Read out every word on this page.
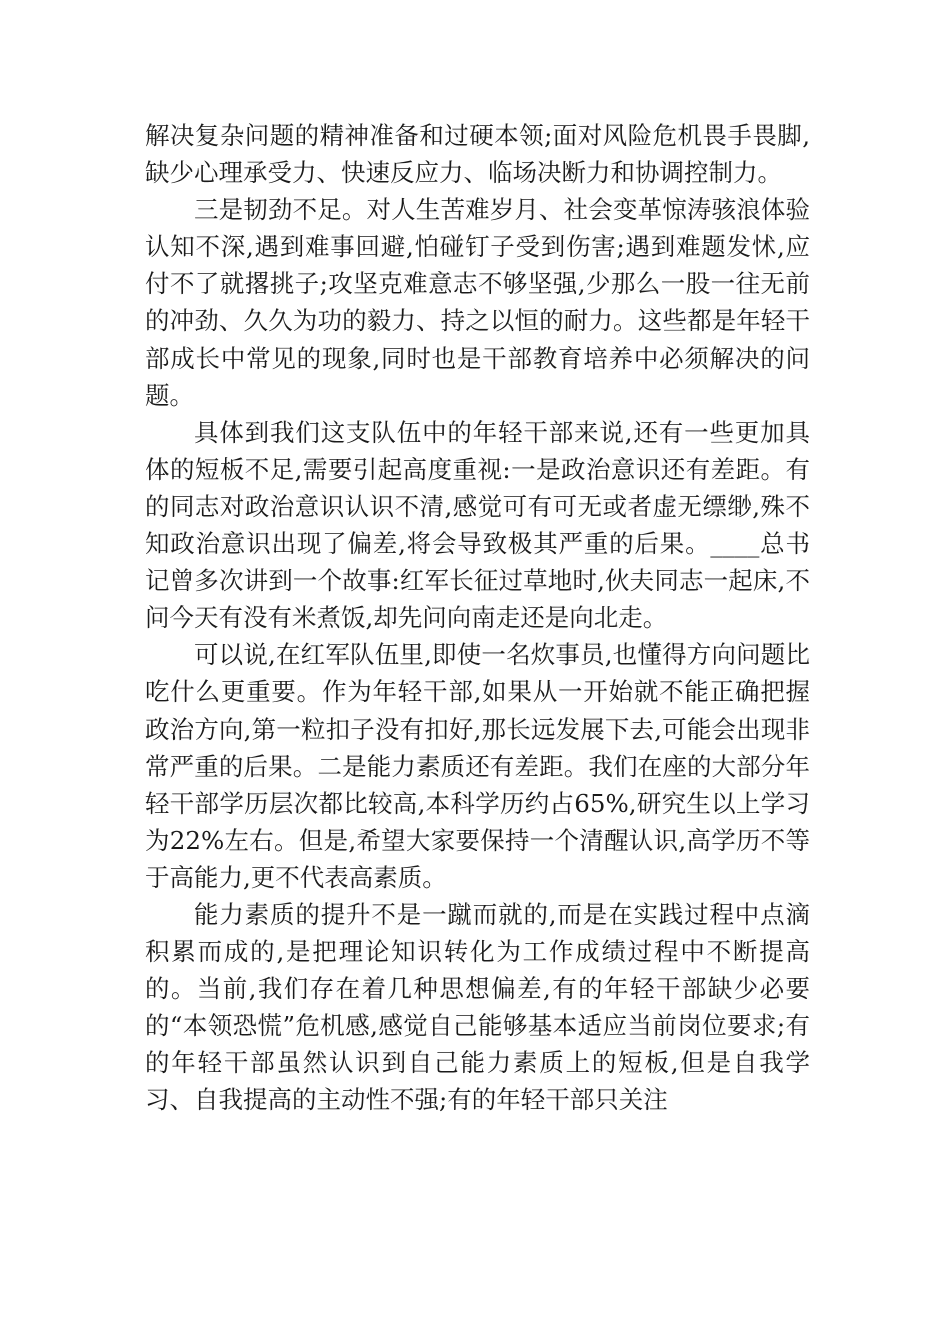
解决复杂问题的精神准备和过硬本领;面对风险危机畏手畏脚,缺少心理承受力、快速反应力、临场决断力和协调控制力。

三是韧劲不足。对人生苦难岁月、社会变革惊涛骇浪体验认知不深,遇到难事回避,怕碰钉子受到伤害;遇到难题发怵,应付不了就撂挑子;攻坚克难意志不够坚强,少那么一股一往无前的冲劲、久久为功的毅力、持之以恒的耐力。这些都是年轻干部成长中常见的现象,同时也是干部教育培养中必须解决的问题。

具体到我们这支队伍中的年轻干部来说,还有一些更加具体的短板不足,需要引起高度重视:一是政治意识还有差距。有的同志对政治意识认识不清,感觉可有可无或者虚无缥缈,殊不知政治意识出现了偏差,将会导致极其严重的后果。____总书记曾多次讲到一个故事:红军长征过草地时,伙夫同志一起床,不问今天有没有米煮饭,却先问向南走还是向北走。

可以说,在红军队伍里,即使一名炊事员,也懂得方向问题比吃什么更重要。作为年轻干部,如果从一开始就不能正确把握政治方向,第一粒扣子没有扣好,那长远发展下去,可能会出现非常严重的后果。二是能力素质还有差距。我们在座的大部分年轻干部学历层次都比较高,本科学历约占65%,研究生以上学习为22%左右。但是,希望大家要保持一个清醒认识,高学历不等于高能力,更不代表高素质。

能力素质的提升不是一蹴而就的,而是在实践过程中点滴积累而成的,是把理论知识转化为工作成绩过程中不断提高的。当前,我们存在着几种思想偏差,有的年轻干部缺少必要的“本领恐慌”危机感,感觉自己能够基本适应当前岗位要求;有的年轻干部虽然认识到自己能力素质上的短板,但是自我学习、自我提高的主动性不强;有的年轻干部只关注
